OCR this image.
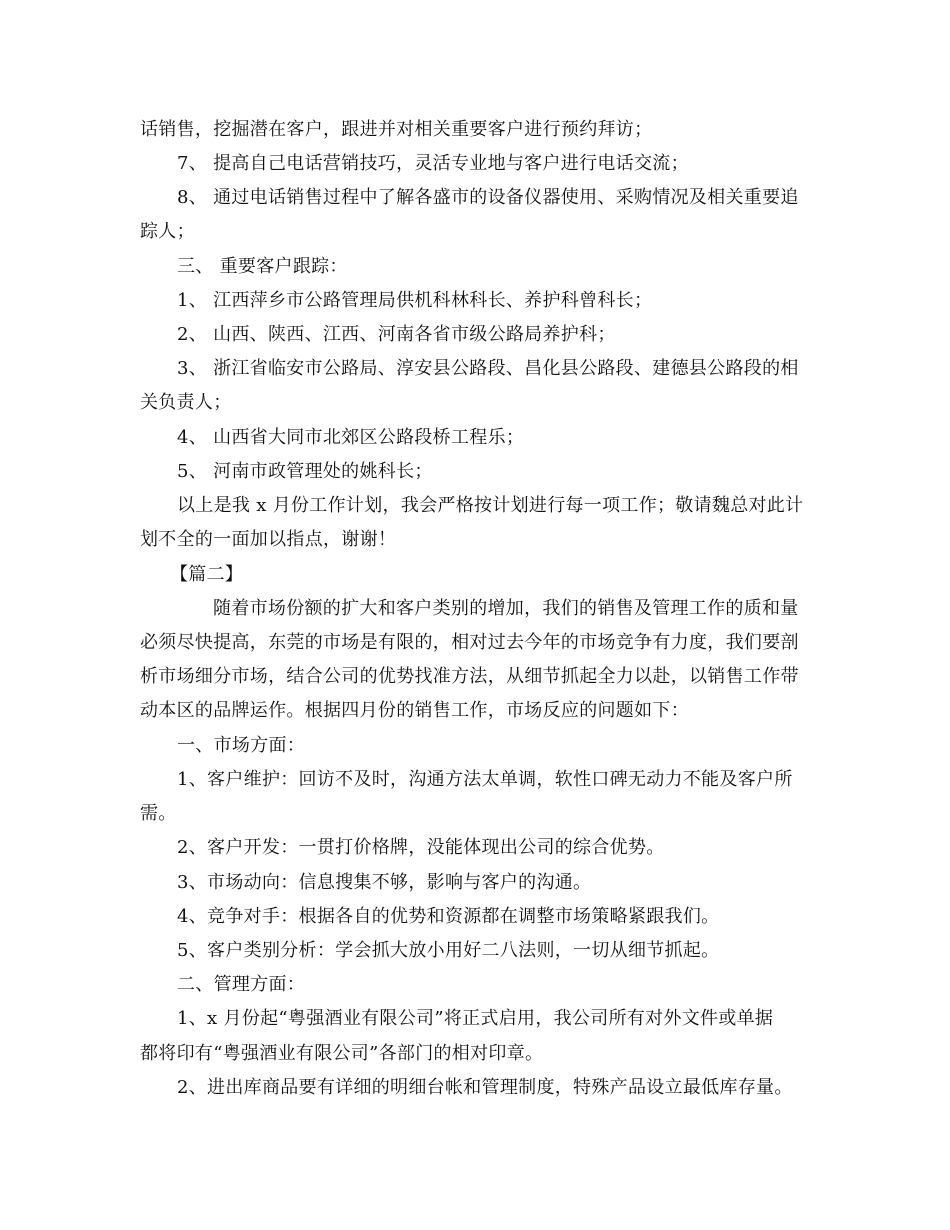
话销售，挖掘潜在客户，跟进并对相关重要客户进行预约拜访；
7、 提高自己电话营销技巧，灵活专业地与客户进行电话交流；
8、 通过电话销售过程中了解各盛市的设备仪器使用、采购情况及相关重要追
踪人；
三、 重要客户跟踪：
1、 江西萍乡市公路管理局供机科林科长、养护科曾科长；
2、 山西、陕西、江西、河南各省市级公路局养护科；
3、 浙江省临安市公路局、淳安县公路段、昌化县公路段、建德县公路段的相
关负责人；
4、 山西省大同市北郊区公路段桥工程乐；
5、 河南市政管理处的姚科长；
以上是我 x 月份工作计划，我会严格按计划进行每一项工作；敬请魏总对此计
划不全的一面加以指点，谢谢！
【篇二】
随着市场份额的扩大和客户类别的增加，我们的销售及管理工作的质和量
必须尽快提高，东莞的市场是有限的，相对过去今年的市场竞争有力度，我们要剖
析市场细分市场，结合公司的优势找准方法，从细节抓起全力以赴，以销售工作带
动本区的品牌运作。根据四月份的销售工作，市场反应的问题如下：
一、市场方面：
1、客户维护：回访不及时，沟通方法太单调，软性口碑无动力不能及客户所
需。
2、客户开发：一贯打价格牌，没能体现出公司的综合优势。
3、市场动向：信息搜集不够，影响与客户的沟通。
4、竞争对手：根据各自的优势和资源都在调整市场策略紧跟我们。
5、客户类别分析：学会抓大放小用好二八法则，一切从细节抓起。
二、管理方面：
1、x 月份起“粤强酒业有限公司”将正式启用，我公司所有对外文件或单据
都将印有“粤强酒业有限公司”各部门的相对印章。
2、进出库商品要有详细的明细台帐和管理制度，特殊产品设立最低库存量。
